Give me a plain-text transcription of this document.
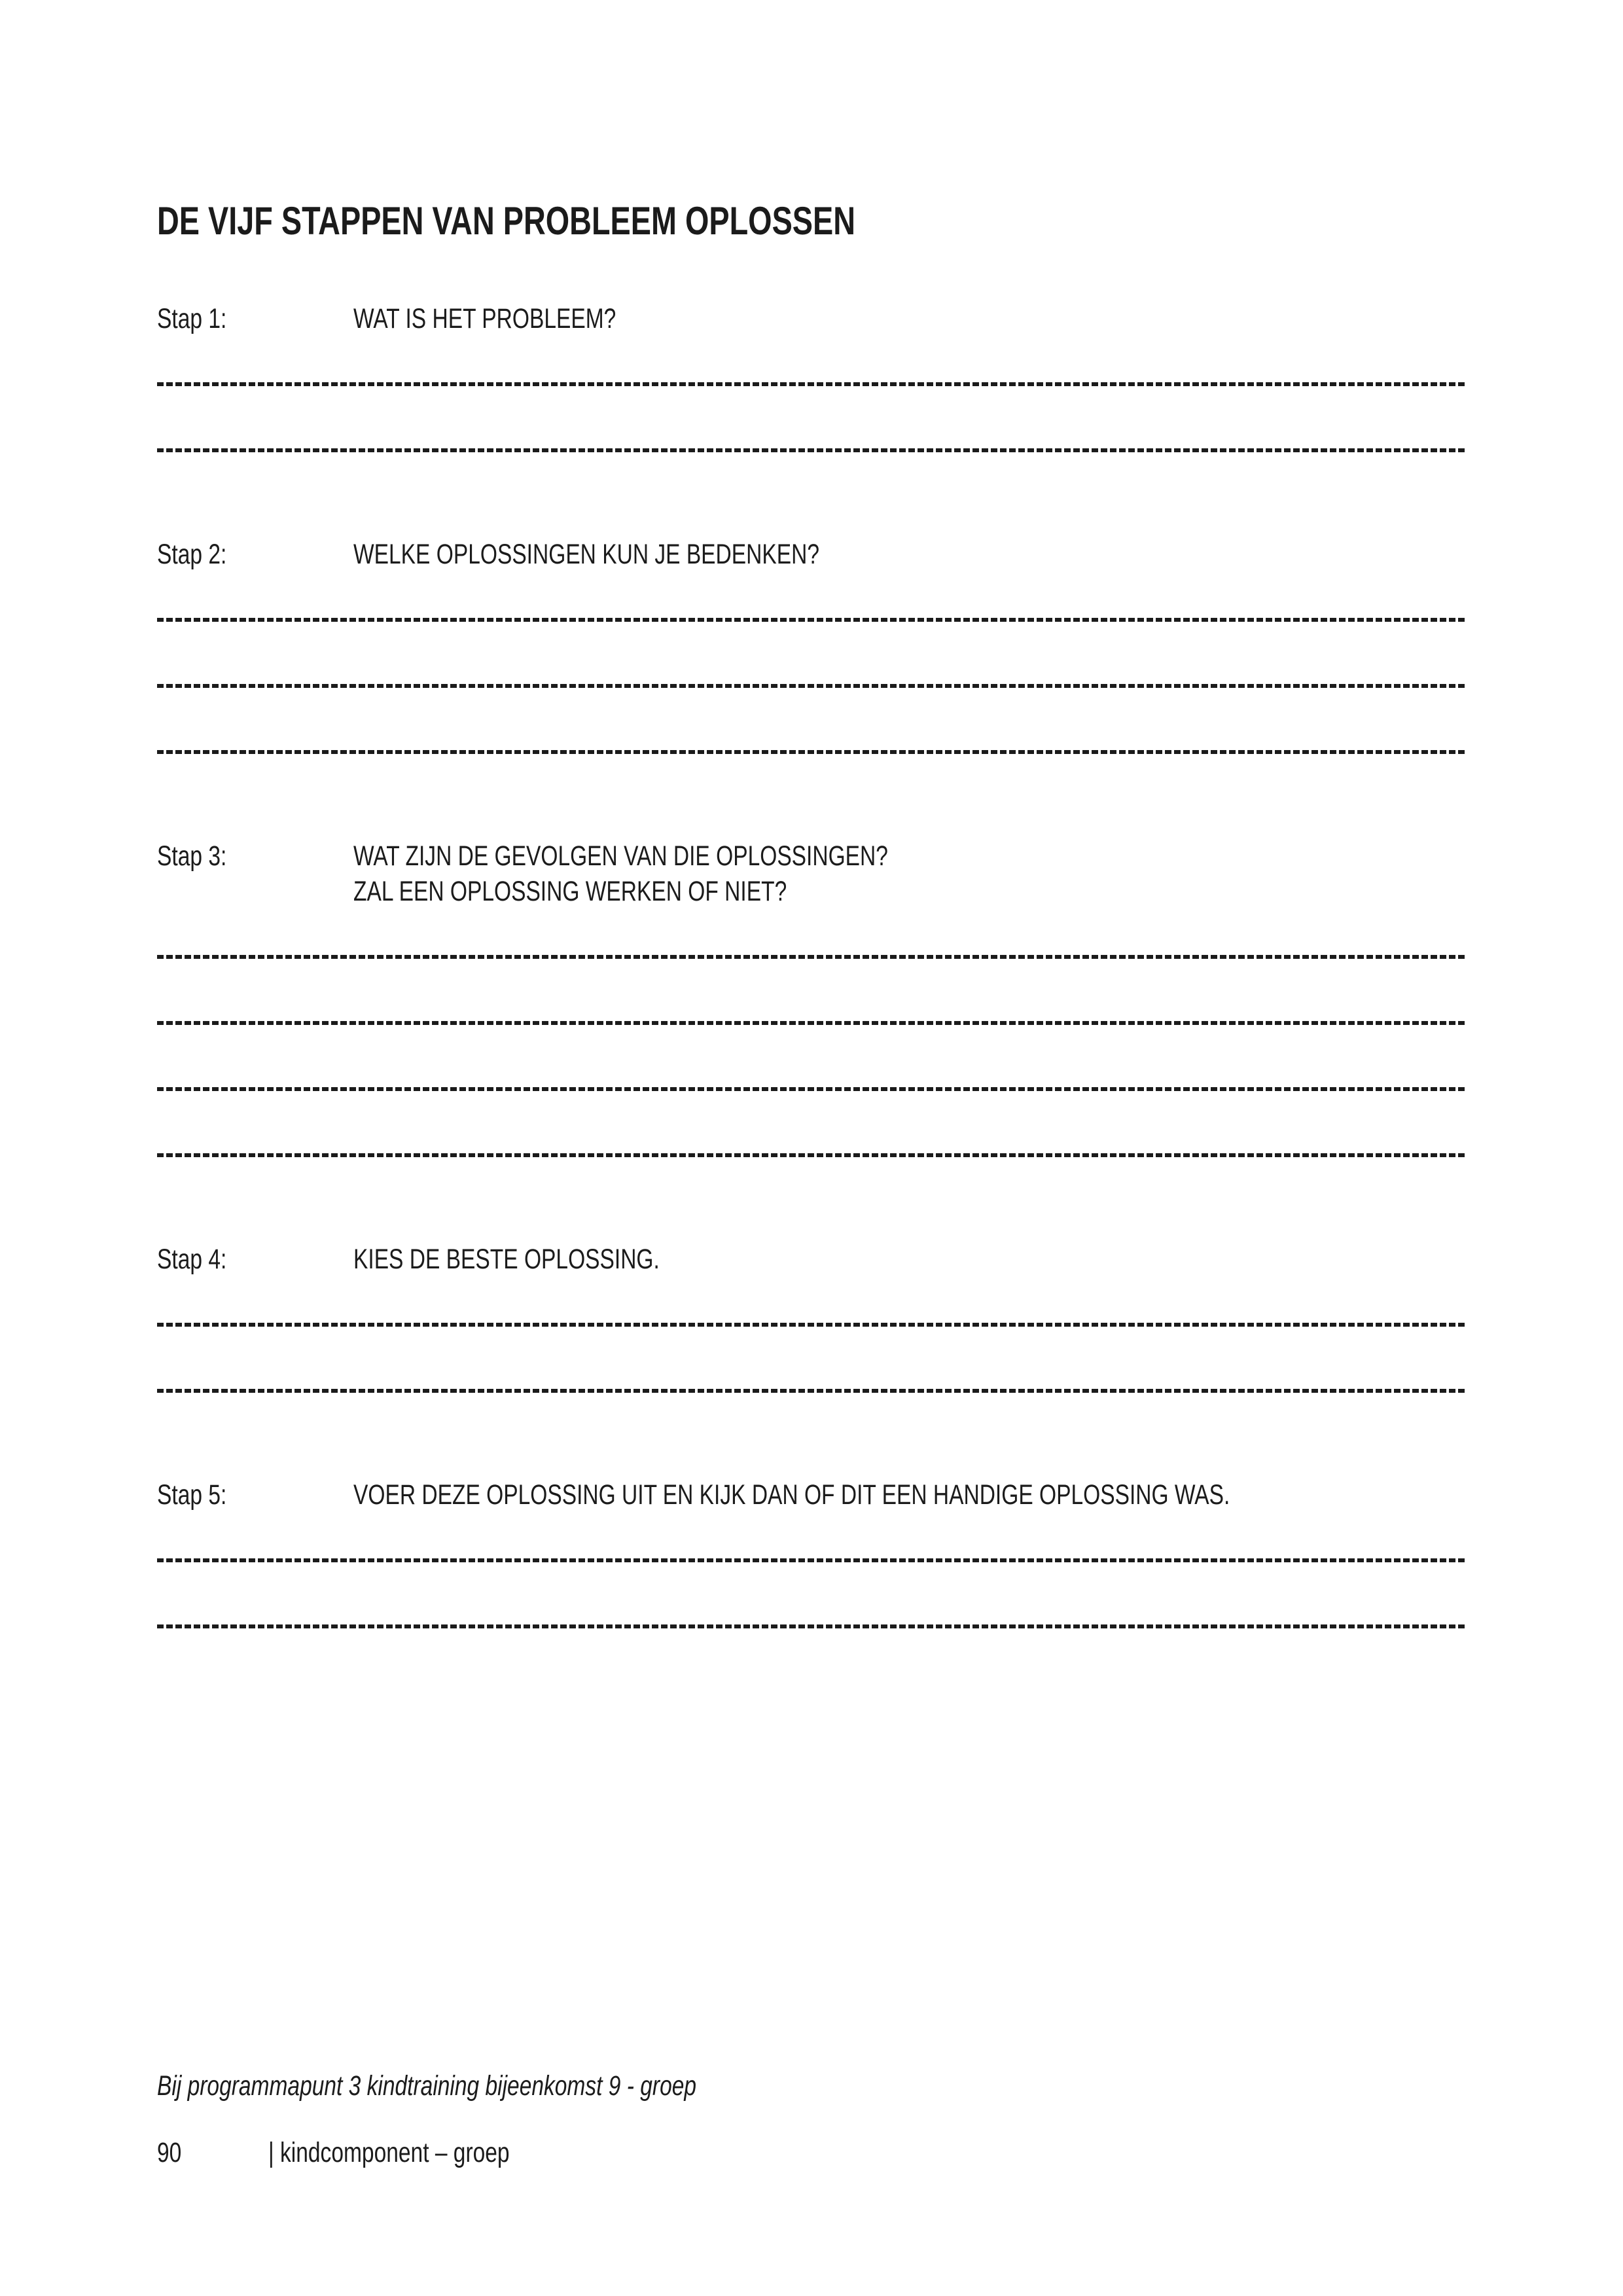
DE VIJF STAPPEN VAN PROBLEEM OPLOSSEN
Stap 1:	WAT IS HET PROBLEEM?
Stap 2:	WELKE OPLOSSINGEN KUN JE BEDENKEN?
Stap 3:	WAT ZIJN DE GEVOLGEN VAN DIE OPLOSSINGEN?
ZAL EEN OPLOSSING WERKEN OF NIET?
Stap 4:	KIES DE BESTE OPLOSSING.
Stap 5:	VOER DEZE OPLOSSING UIT EN KIJK DAN OF DIT EEN HANDIGE OPLOSSING WAS.
Bij programmapunt 3 kindtraining bijeenkomst 9 - groep
90	| kindcomponent – groep
